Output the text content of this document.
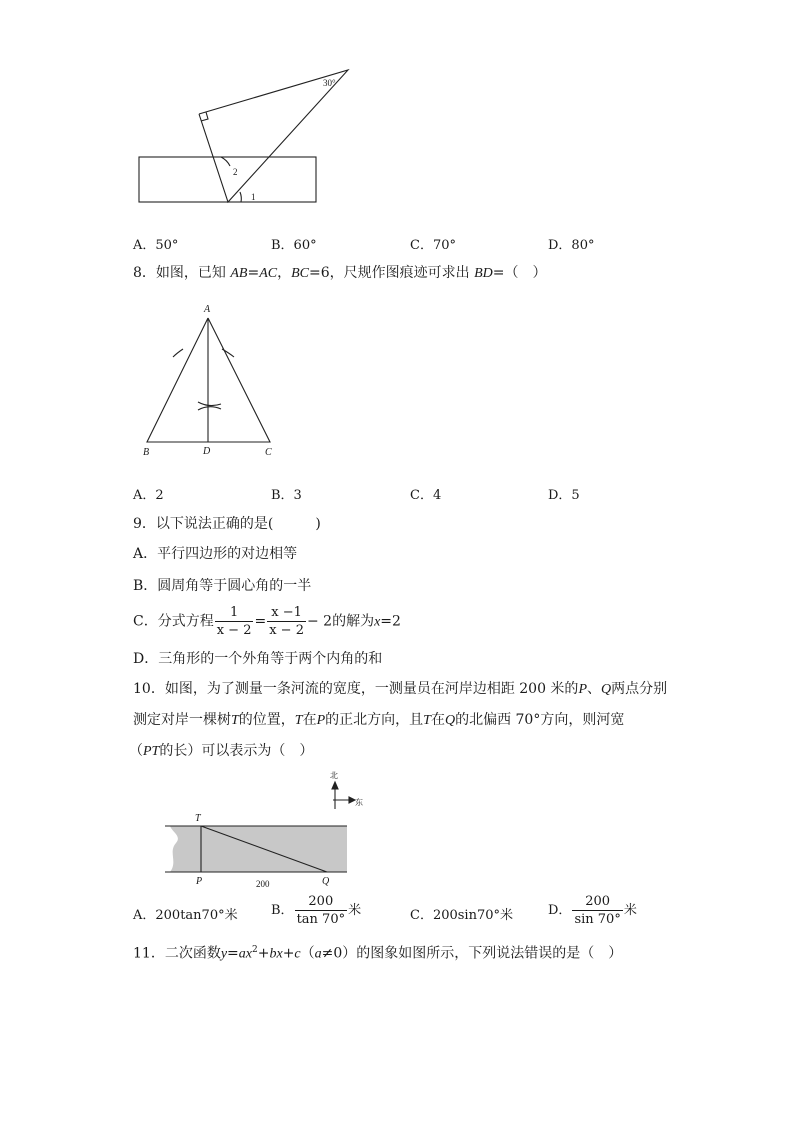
30°
2
1
A．50°	B．60°	C．70°	D．80°
8．如图，已知 AB=AC，BC=6，尺规作图痕迹可求出 BD=（　）
A
B	D	C
A．2	B．3	C．4	D．5
9．以下说法正确的是(　　　)
A．平行四边形的对边相等
B．圆周角等于圆心角的一半
C．分式方程 $\frac{1}{x - 2} = \frac{x -1}{x - 2} - 2$的解为x=2
D．三角形的一个外角等于两个内角的和
10．如图，为了测量一条河流的宽度，一测量员在河岸边相距 200 米的P、Q两点分别
测定对岸一棵树T的位置，T在P的正北方向，且T在Q的北偏西 70°方向，则河宽
（PT的长）可以表示为（　）
北
东
T
P	Q
200
A．200tan70°米	B． $\frac{200}{\tan 70^\circ}$ 米	C．200sin70°米	D． $\frac{200}{\sin 70^\circ}$ 米
11．二次函数$y=ax^2+bx+c(a\ne 0)$的图象如图所示，下列说法错误的是（　）
